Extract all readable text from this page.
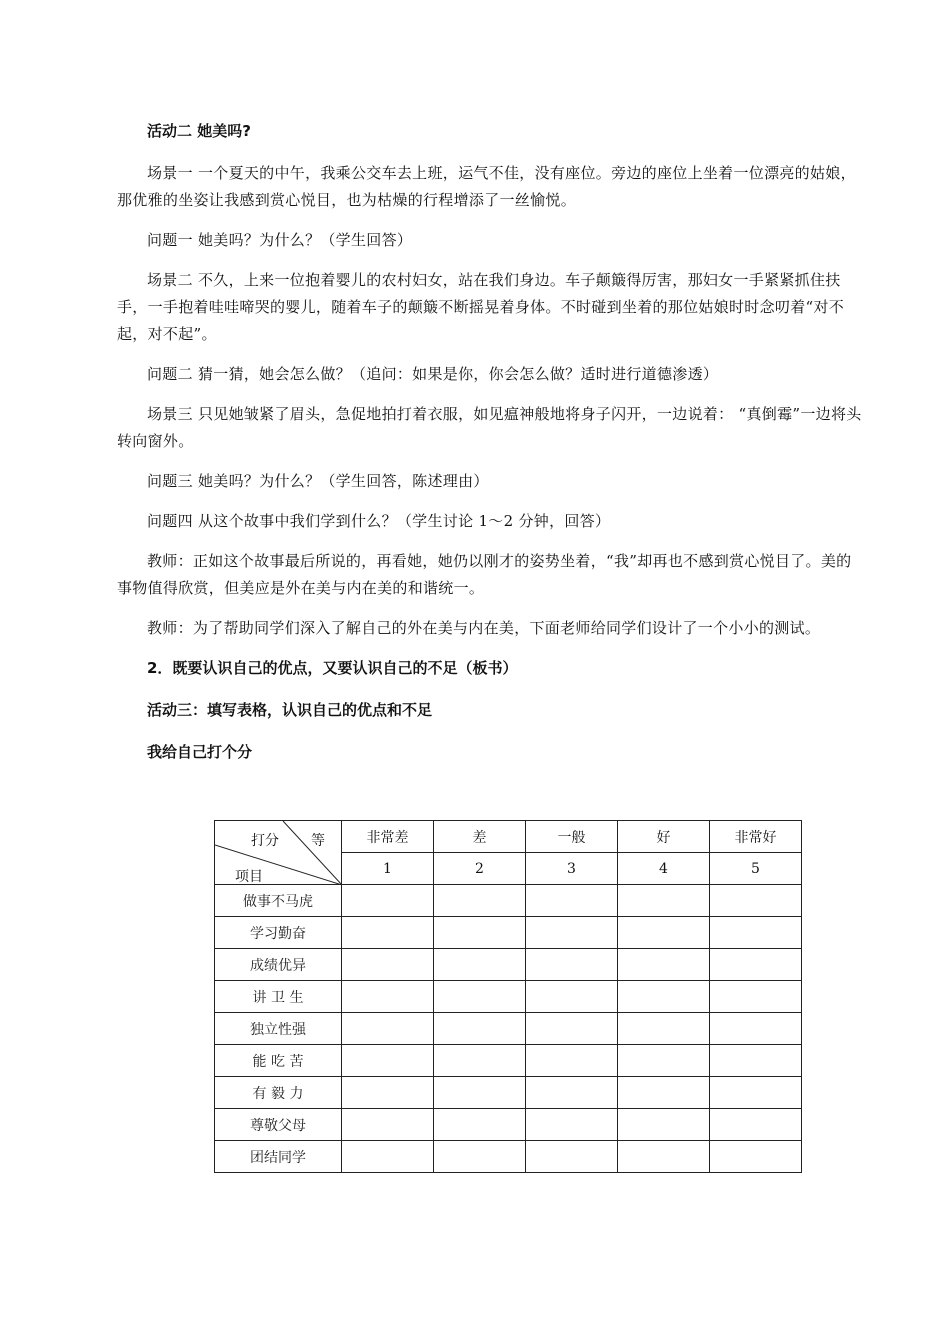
活动二 她美吗?

场景一 一个夏天的中午，我乘公交车去上班，运气不佳，没有座位。旁边的座位上坐着一位漂亮的姑娘，那优雅的坐姿让我感到赏心悦目，也为枯燥的行程增添了一丝愉悦。

问题一 她美吗？为什么？（学生回答）

场景二 不久，上来一位抱着婴儿的农村妇女，站在我们身边。车子颠簸得厉害，那妇女一手紧紧抓住扶手，一手抱着哇哇啼哭的婴儿，随着车子的颠簸不断摇晃着身体。不时碰到坐着的那位姑娘时时念叨着“对不起，对不起”。

问题二 猜一猜，她会怎么做？（追问：如果是你，你会怎么做？适时进行道德渗透）

场景三 只见她皱紧了眉头，急促地拍打着衣服，如见瘟神般地将身子闪开，一边说着： “真倒霉”一边将头转向窗外。

问题三 她美吗？为什么？（学生回答，陈述理由）

问题四 从这个故事中我们学到什么？（学生讨论 1～2 分钟，回答）

教师：正如这个故事最后所说的，再看她，她仍以刚才的姿势坐着，“我”却再也不感到赏心悦目了。美的事物值得欣赏，但美应是外在美与内在美的和谐统一。

教师：为了帮助同学们深入了解自己的外在美与内在美，下面老师给同学们设计了一个小小的测试。

2．既要认识自己的优点，又要认识自己的不足（板书）

活动三：填写表格，认识自己的优点和不足

我给自己打个分

打分 等
项目	非常差	差	一般	好	非常好
	1	2	3	4	5
做事不马虎					
学习勤奋					
成绩优异					
讲 卫 生					
独立性强					
能 吃 苦					
有 毅 力					
尊敬父母					
团结同学					
